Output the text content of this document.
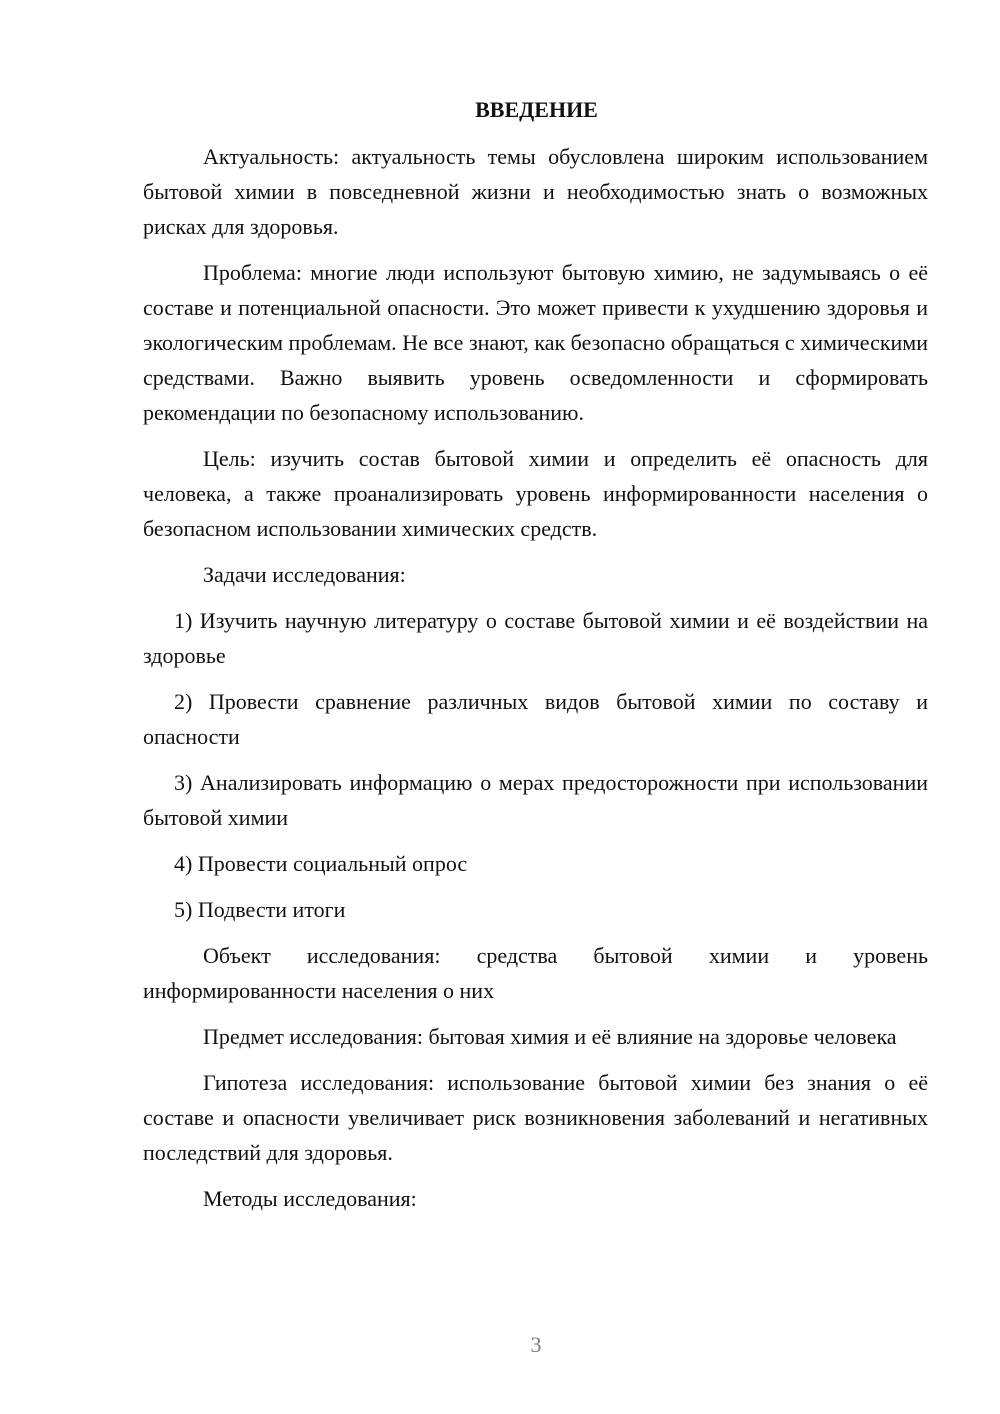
ВВЕДЕНИЕ

Актуальность: актуальность темы обусловлена широким использованием бытовой химии в повседневной жизни и необходимостью знать о возможных рисках для здоровья.

Проблема: многие люди используют бытовую химию, не задумываясь о её составе и потенциальной опасности. Это может привести к ухудшению здоровья и экологическим проблемам. Не все знают, как безопасно обращаться с химическими средствами. Важно выявить уровень осведомленности и сформировать рекомендации по безопасному использованию.

Цель: изучить состав бытовой химии и определить её опасность для человека, а также проанализировать уровень информированности населения о безопасном использовании химических средств.

Задачи исследования:

1) Изучить научную литературу о составе бытовой химии и её воздействии на здоровье

2) Провести сравнение различных видов бытовой химии по составу и опасности

3) Анализировать информацию о мерах предосторожности при использовании бытовой химии

4) Провести социальный опрос

5) Подвести итоги

Объект исследования: средства бытовой химии и уровень информированности населения о них

Предмет исследования: бытовая химия и её влияние на здоровье человека

Гипотеза исследования: использование бытовой химии без знания о её составе и опасности увеличивает риск возникновения заболеваний и негативных последствий для здоровья.

Методы исследования:

3
